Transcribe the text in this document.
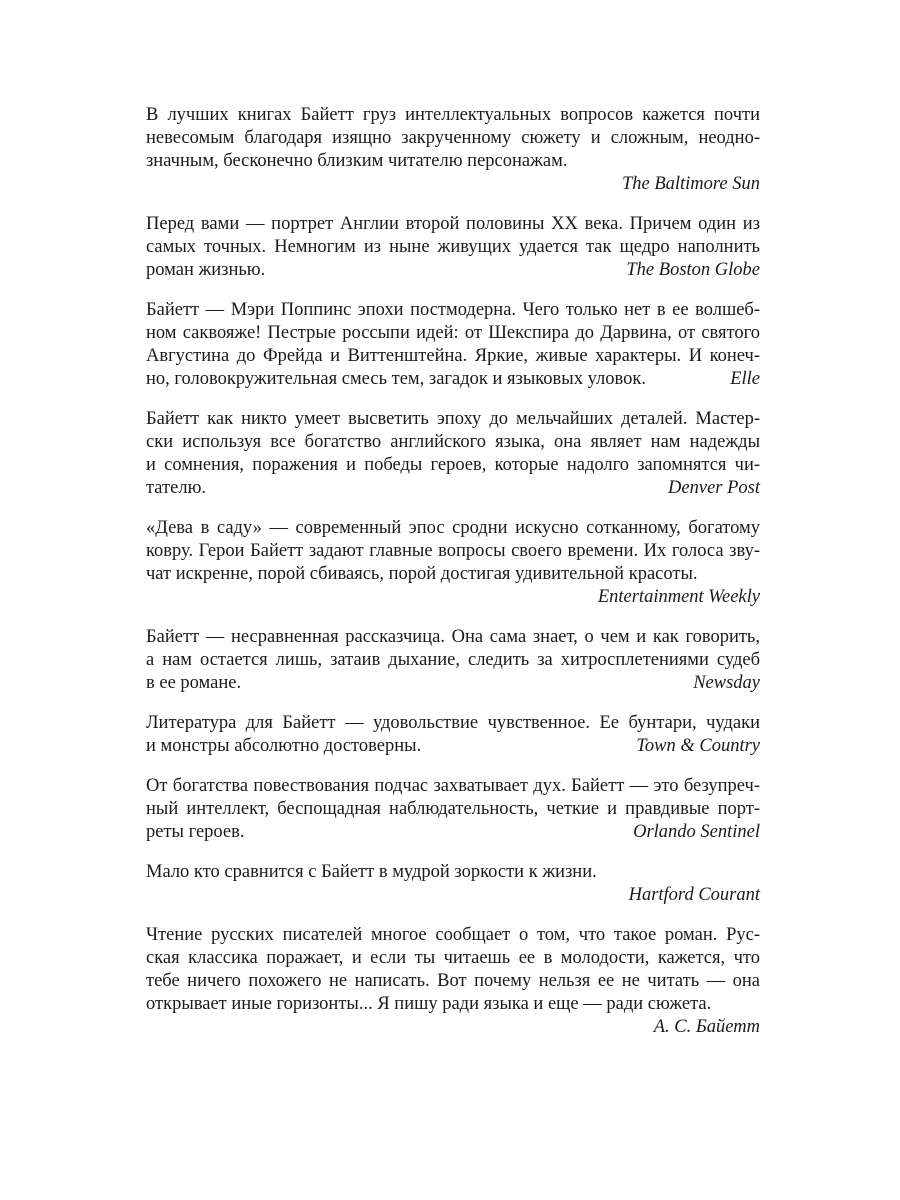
В лучших книгах Байетт груз интеллектуальных вопросов кажется почти
невесомым благодаря изящно закрученному сюжету и сложным, неодно-
значным, бесконечно близким читателю персонажам.
The Baltimore Sun
Перед вами — портрет Англии второй половины XX века. Причем один из
самых точных. Немногим из ныне живущих удается так щедро наполнить
роман жизнью.	The Boston Globe
Байетт — Мэри Поппинс эпохи постмодерна. Чего только нет в ее волшеб-
ном саквояже! Пестрые россыпи идей: от Шекспира до Дарвина, от святого
Августина до Фрейда и Виттенштейна. Яркие, живые характеры. И конеч-
но, головокружительная смесь тем, загадок и языковых уловок.	Elle
Байетт как никто умеет высветить эпоху до мельчайших деталей. Мастер-
ски используя все богатство английского языка, она являет нам надежды
и сомнения, поражения и победы героев, которые надолго запомнятся чи-
тателю.	Denver Post
«Дева в саду» — современный эпос сродни искусно сотканному, богатому
ковру. Герои Байетт задают главные вопросы своего времени. Их голоса зву-
чат искренне, порой сбиваясь, порой достигая удивительной красоты.
Entertainment Weekly
Байетт — несравненная рассказчица. Она сама знает, о чем и как говорить,
а нам остается лишь, затаив дыхание, следить за хитросплетениями судеб
в ее романе.	Newsday
Литература для Байетт — удовольствие чувственное. Ее бунтари, чудаки
и монстры абсолютно достоверны.	Town & Country
От богатства повествования подчас захватывает дух. Байетт — это безупреч-
ный интеллект, беспощадная наблюдательность, четкие и правдивые порт-
реты героев.	Orlando Sentinel
Мало кто сравнится с Байетт в мудрой зоркости к жизни.
Hartford Courant
Чтение русских писателей многое сообщает о том, что такое роман. Рус-
ская классика поражает, и если ты читаешь ее в молодости, кажется, что
тебе ничего похожего не написать. Вот почему нельзя ее не читать — она
открывает иные горизонты... Я пишу ради языка и еще — ради сюжета.
А. С. Байетт
